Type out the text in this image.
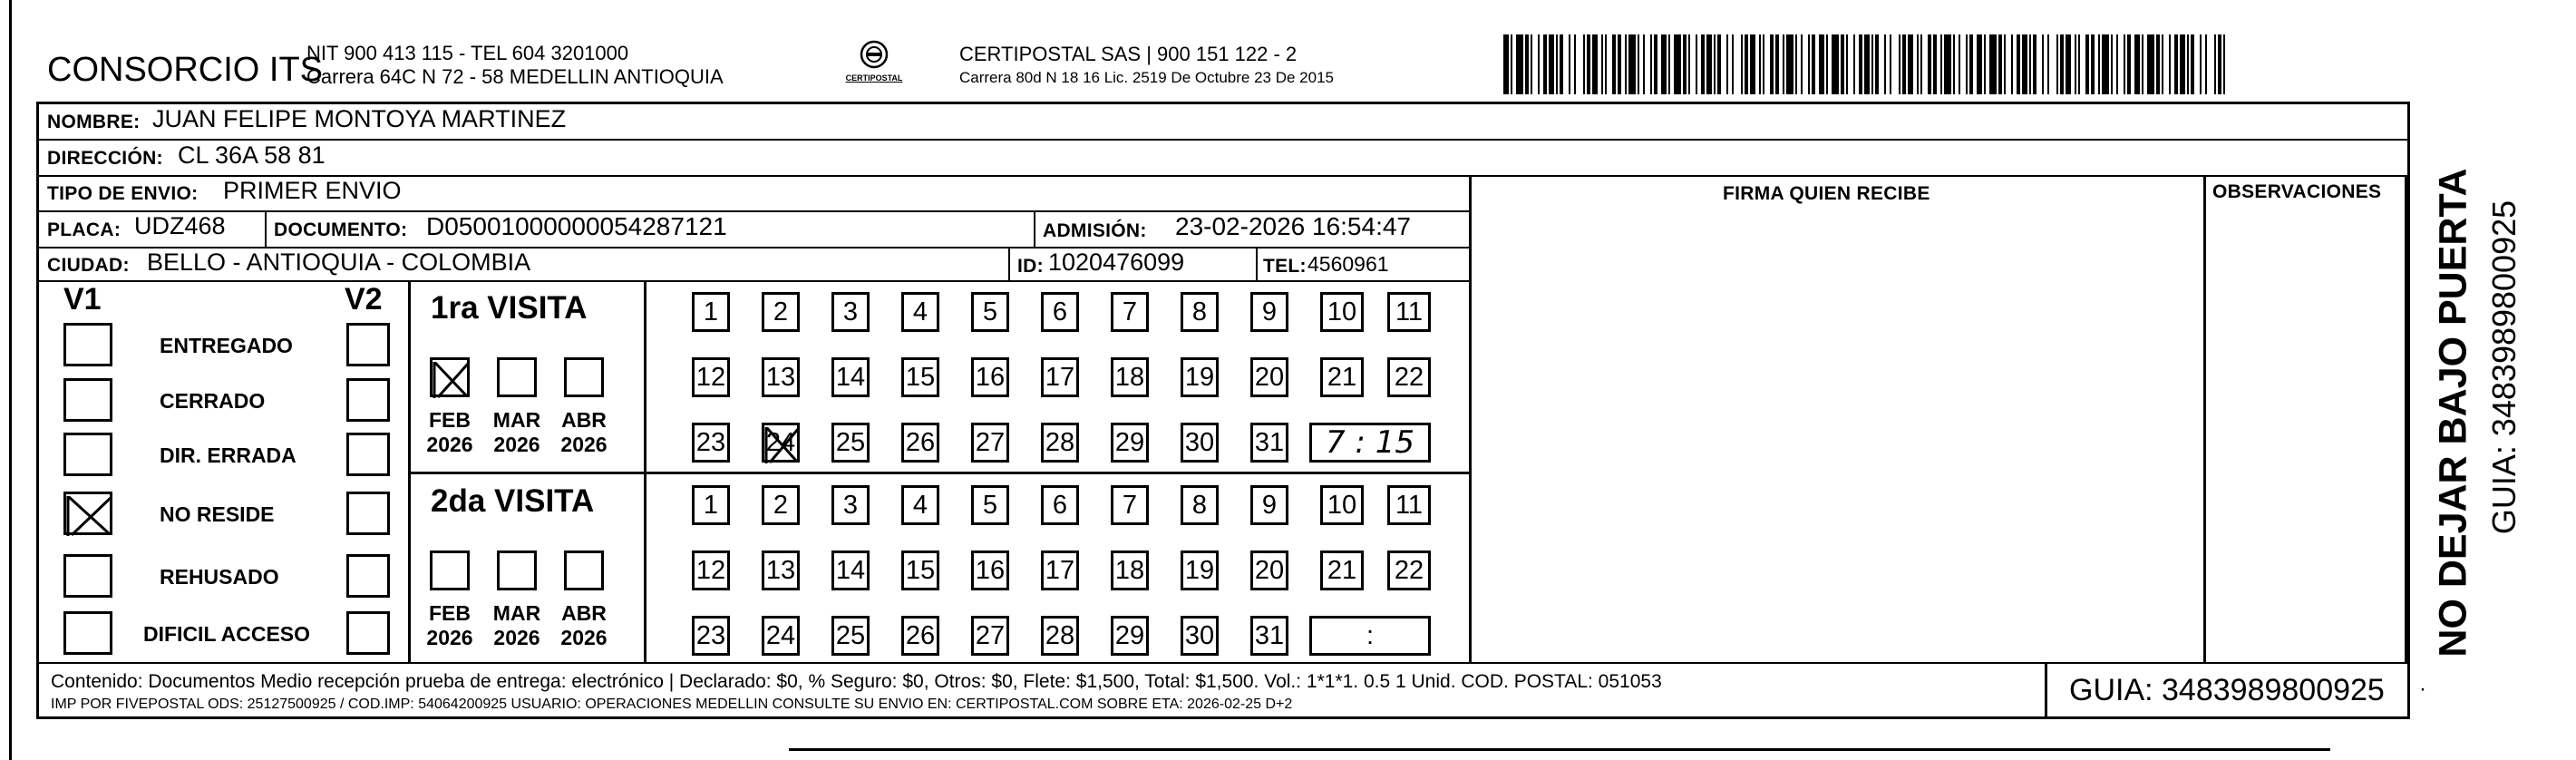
CONSORCIO ITS
NIT 900 413 115 - TEL 604 3201000
Carrera 64C N 72 - 58 MEDELLIN ANTIOQUIA	CERTIPOSTAL
CERTIPOSTAL SAS | 900 151 122 - 2
Carrera 80d N 18 16 Lic. 2519 De Octubre 23 De 2015
NOMBRE: JUAN FELIPE MONTOYA MARTINEZ
DIRECCIÓN: CL 36A 58 81
TIPO DE ENVIO: PRIMER ENVIO	FIRMA QUIEN RECIBE	OBSERVACIONES
PLACA: UDZ468	DOCUMENTO: D05001000000054287121	ADMISIÓN: 23-02-2026 16:54:47
CIUDAD: BELLO - ANTIOQUIA - COLOMBIA	ID: 1020476099	TEL: 4560961
V1	V2
ENTREGADO
CERRADO
DIR. ERRADA
NO RESIDE
REHUSADO
DIFICIL ACCESO
1ra VISITA
FEB
2026
MAR
2026
ABR
2026
1 2 3 4 5 6 7 8 9 10 11
12 13 14 15 16 17 18 19 20 21 22
23 24 25 26 27 28 29 30 31 7 : 15
2da VISITA
FEB
2026
MAR
2026
ABR
2026
1 2 3 4 5 6 7 8 9 10 11
12 13 14 15 16 17 18 19 20 21 22
23 24 25 26 27 28 29 30 31	:	NO DEJAR BAJO PUERTA GUIA: 3483989800925
Contenido: Documentos Medio recepción prueba de entrega: electrónico | Declarado: $0, % Seguro: $0, Otros: $0, Flete: $1,500, Total: $1,500. Vol.: 1*1*1. 0.5 1 Unid. COD. POSTAL: 051053
IMP POR FIVEPOSTAL ODS: 25127500925 / COD.IMP: 54064200925 USUARIO: OPERACIONES MEDELLIN CONSULTE SU ENVIO EN: CERTIPOSTAL.COM SOBRE ETA: 2026-02-25 D+2	GUIA: 3483989800925 ·
